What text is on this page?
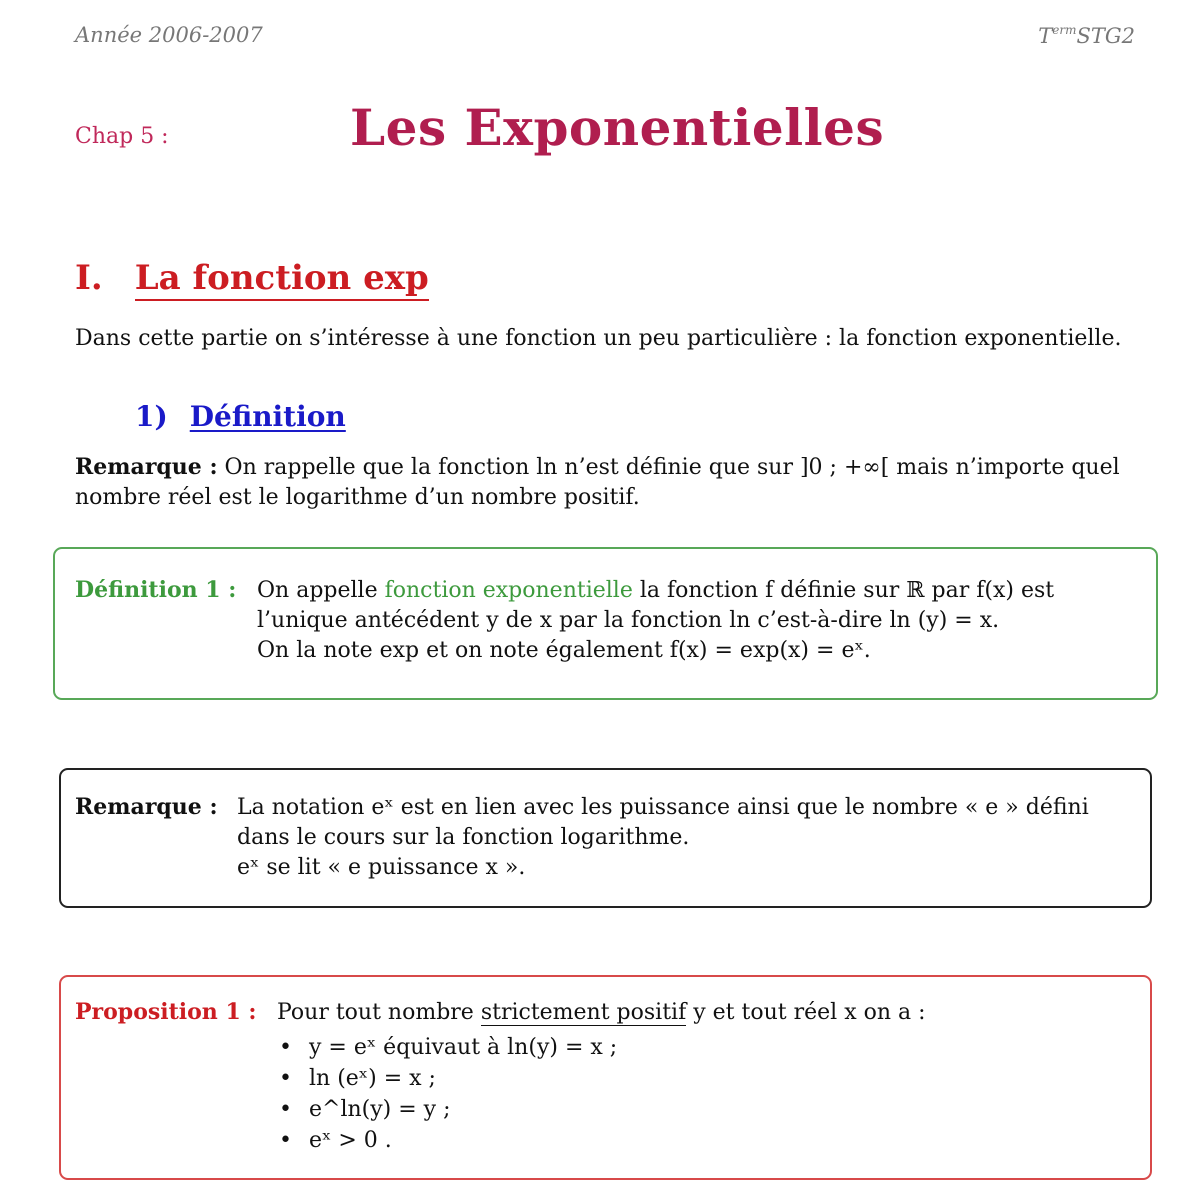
Année 2006-2007	$T^{erm}STG2$
Chap 5 :	Les Exponentielles
I. La fonction exp
Dans cette partie on s’intéresse à une fonction un peu particulière : la fonction exponentielle.
1) Définition
Remarque : On rappelle que la fonction ln n’est définie que sur ]0 ; +∞[ mais n’importe quel nombre réel est le logarithme d’un nombre positif.
Définition 1 : On appelle fonction exponentielle la fonction f définie sur ℝ par f(x) est l’unique antécédent y de x par la fonction ln c’est-à-dire ln (y) = x.
On la note exp et on note également f(x) = exp(x) = eˣ.
Remarque : La notation eˣ est en lien avec les puissance ainsi que le nombre « e » défini dans le cours sur la fonction logarithme.
eˣ se lit « e puissance x ».
Proposition 1 : Pour tout nombre strictement positif y et tout réel x on a :
• y = eˣ équivaut à ln(y) = x ;
• ln (eˣ) = x ;
• e^ln(y) = y ;
• eˣ > 0 .
